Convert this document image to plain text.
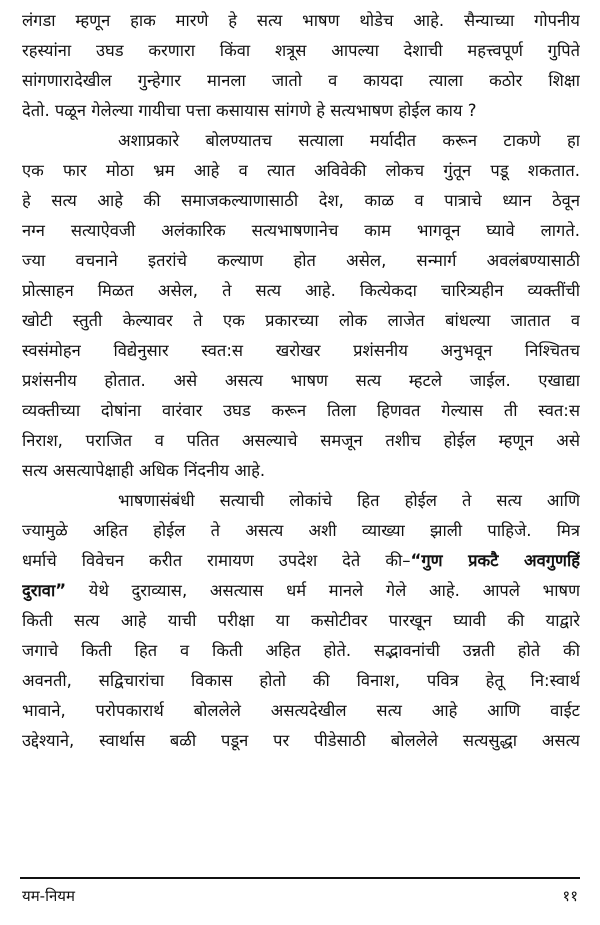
लंगडा म्हणून हाक मारणे हे सत्य भाषण थोडेच आहे. सैन्याच्या गोपनीय
रहस्यांना उघड करणारा किंवा शत्रूस आपल्या देशाची महत्त्वपूर्ण गुपिते
सांगणारादेखील गुन्हेगार मानला जातो व कायदा त्याला कठोर शिक्षा
देतो. पळून गेलेल्या गायीचा पत्ता कसायास सांगणे हे सत्यभाषण होईल काय ?
अशाप्रकारे बोलण्यातच सत्याला मर्यादीत करून टाकणे हा
एक फार मोठा भ्रम आहे व त्यात अविवेकी लोकच गुंतून पडू शकतात.
हे सत्य आहे की समाजकल्याणासाठी देश, काळ व पात्राचे ध्यान ठेवून
नग्न सत्याऐवजी अलंकारिक सत्यभाषणानेच काम भागवून घ्यावे लागते.
ज्या वचनाने इतरांचे कल्याण होत असेल, सन्मार्ग अवलंबण्यासाठी
प्रोत्साहन मिळत असेल, ते सत्य आहे. कित्येकदा चारित्र्यहीन व्यक्तींची
खोटी स्तुती केल्यावर ते एक प्रकारच्या लोक लाजेत बांधल्या जातात व
स्वसंमोहन विद्येनुसार स्वत:स खरोखर प्रशंसनीय अनुभवून निश्चितच
प्रशंसनीय होतात. असे असत्य भाषण सत्य म्हटले जाईल. एखाद्या
व्यक्तीच्या दोषांना वारंवार उघड करून तिला हिणवत गेल्यास ती स्वत:स
निराश, पराजित व पतित असल्याचे समजून तशीच होईल म्हणून असे
सत्य असत्यापेक्षाही अधिक निंदनीय आहे.
भाषणासंबंधी सत्याची लोकांचे हित होईल ते सत्य आणि
ज्यामुळे अहित होईल ते असत्य अशी व्याख्या झाली पाहिजे. मित्र
धर्माचे विवेचन करीत रामायण उपदेश देते की–“गुण प्रकटै अवगुणहिं
दुरावा” येथे दुराव्यास, असत्यास धर्म मानले गेले आहे. आपले भाषण
किती सत्य आहे याची परीक्षा या कसोटीवर पारखून घ्यावी की याद्वारे
जगाचे किती हित व किती अहित होते. सद्भावनांची उन्नती होते की
अवनती, सद्विचारांचा विकास होतो की विनाश, पवित्र हेतू नि:स्वार्थ
भावाने, परोपकारार्थ बोललेले असत्यदेखील सत्य आहे आणि वाईट
उद्देश्याने, स्वार्थास बळी पडून पर पीडेसाठी बोललेले सत्यसुद्धा असत्य
यम-नियम	११
